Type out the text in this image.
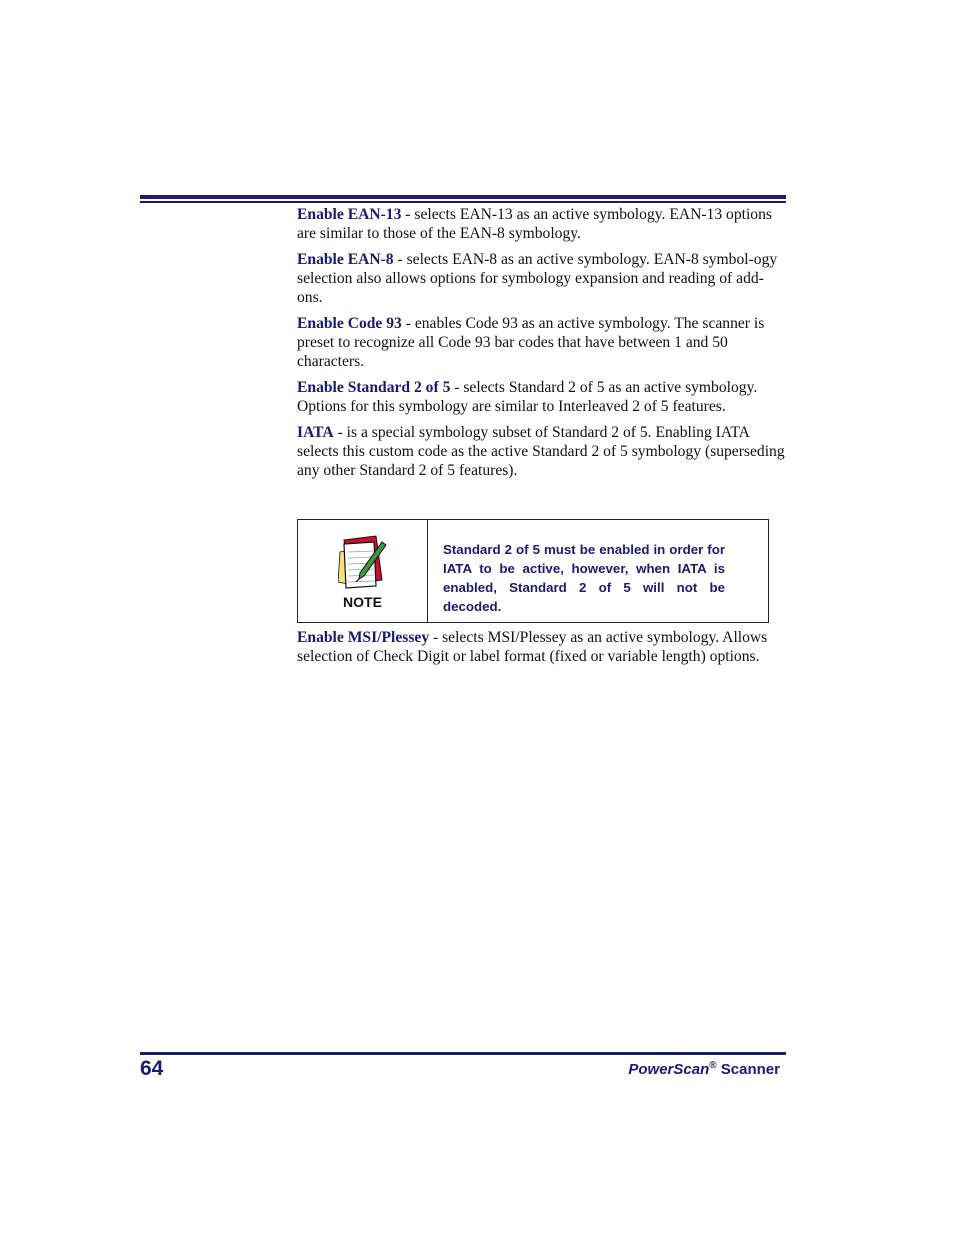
Enable EAN-13 - selects EAN-13 as an active symbology. EAN-13 options are similar to those of the EAN-8 symbology.

Enable EAN-8 - selects EAN-8 as an active symbology. EAN-8 symbol-ogy selection also allows options for symbology expansion and reading of add-ons.

Enable Code 93 - enables Code 93 as an active symbology. The scanner is preset to recognize all Code 93 bar codes that have between 1 and 50 characters.

Enable Standard 2 of 5 - selects Standard 2 of 5 as an active symbology. Options for this symbology are similar to Interleaved 2 of 5 features.

IATA - is a special symbology subset of Standard 2 of 5. Enabling IATA selects this custom code as the active Standard 2 of 5 symbology (superseding any other Standard 2 of 5 features).

NOTE
Standard 2 of 5 must be enabled in order for IATA to be active, however, when IATA is enabled, Standard 2 of 5 will not be decoded.

Enable MSI/Plessey - selects MSI/Plessey as an active symbology. Allows selection of Check Digit or label format (fixed or variable length) options.

64	PowerScan® Scanner
